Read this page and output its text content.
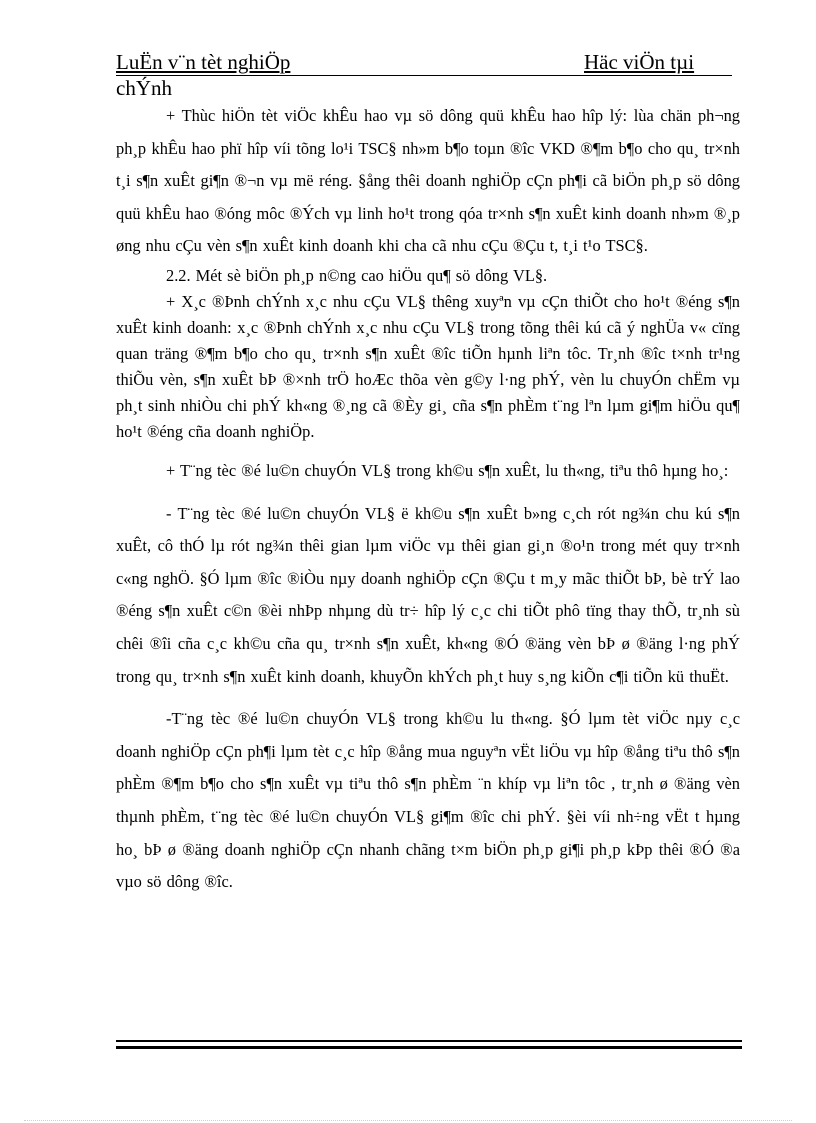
LuËn v¨n tèt nghiÖp	Häc viÖn tµi
chÝnh

+ Thùc hiÖn tèt viÖc khÊu hao vµ sö dông quü khÊu hao hîp lý: lùa chän ph¬ng ph¸p khÊu hao phï hîp víi tõng lo¹i TSC§ nh»m b¶o toµn ®îc VKD ®¶m b¶o cho qu¸ tr×nh t¸i s¶n xuÊt gi¶n ®¬n vµ më réng. §ång thêi doanh nghiÖp cÇn ph¶i cã biÖn ph¸p sö dông quü khÊu hao ®óng môc ®Ých vµ linh ho¹t trong qóa tr×nh s¶n xuÊt kinh doanh nh»m ®¸p øng nhu cÇu vèn s¶n xuÊt kinh doanh khi cha cã nhu cÇu ®Çu t, t¸i t¹o TSC§.

2.2. Mét sè biÖn ph¸p n©ng cao hiÖu qu¶ sö dông VL§.

+ X¸c ®Þnh chÝnh x¸c nhu cÇu VL§ thêng xuyªn vµ cÇn thiÕt cho ho¹t ®éng s¶n xuÊt kinh doanh: x¸c ®Þnh chÝnh x¸c nhu cÇu VL§ trong tõng thêi kú cã ý nghÜa v« cïng quan träng ®¶m b¶o cho qu¸ tr×nh s¶n xuÊt ®îc tiÕn hµnh liªn tôc. Tr¸nh ®îc t×nh tr¹ng thiÕu vèn, s¶n xuÊt bÞ ®×nh trÖ hoÆc thõa vèn g©y l·ng phÝ, vèn lu chuyÓn chËm vµ ph¸t sinh nhiÒu chi phÝ kh«ng ®¸ng cã ®Èy gi¸ cña s¶n phÈm t¨ng lªn lµm gi¶m hiÖu qu¶ ho¹t ®éng cña doanh nghiÖp.

+ T¨ng tèc ®é lu©n chuyÓn VL§ trong kh©u s¶n xuÊt, lu th«ng, tiªu thô hµng ho¸:

- T¨ng tèc ®é lu©n chuyÓn VL§ ë kh©u s¶n xuÊt b»ng c¸ch rót ng¾n chu kú s¶n xuÊt, cô thÓ lµ rót ng¾n thêi gian lµm viÖc vµ thêi gian gi¸n ®o¹n trong mét quy tr×nh c«ng nghÖ. §Ó lµm ®îc ®iÒu nµy doanh nghiÖp cÇn ®Çu t m¸y mãc thiÕt bÞ, bè trÝ lao ®éng s¶n xuÊt c©n ®èi nhÞp nhµng dù tr÷ hîp lý c¸c chi tiÕt phô tïng thay thÕ, tr¸nh sù chêi ®îi cña c¸c kh©u cña qu¸ tr×nh s¶n xuÊt, kh«ng ®Ó ®äng vèn bÞ ø ®äng l·ng phÝ trong qu¸ tr×nh s¶n xuÊt kinh doanh, khuyÕn khÝch ph¸t huy s¸ng kiÕn c¶i tiÕn kü thuËt.

-T¨ng tèc ®é lu©n chuyÓn VL§ trong kh©u lu th«ng. §Ó lµm tèt viÖc nµy c¸c doanh nghiÖp cÇn ph¶i lµm tèt c¸c hîp ®ång mua nguyªn vËt liÖu vµ hîp ®ång tiªu thô s¶n phÈm ®¶m b¶o cho s¶n xuÊt vµ tiªu thô s¶n phÈm ¨n khíp vµ liªn tôc , tr¸nh ø ®äng vèn thµnh phÈm, t¨ng tèc ®é lu©n chuyÓn VL§ gi¶m ®îc chi phÝ. §èi víi nh÷ng vËt t hµng ho¸ bÞ ø ®äng doanh nghiÖp cÇn nhanh chãng t×m biÖn ph¸p gi¶i ph¸p kÞp thêi ®Ó ®a vµo sö dông ®îc.
